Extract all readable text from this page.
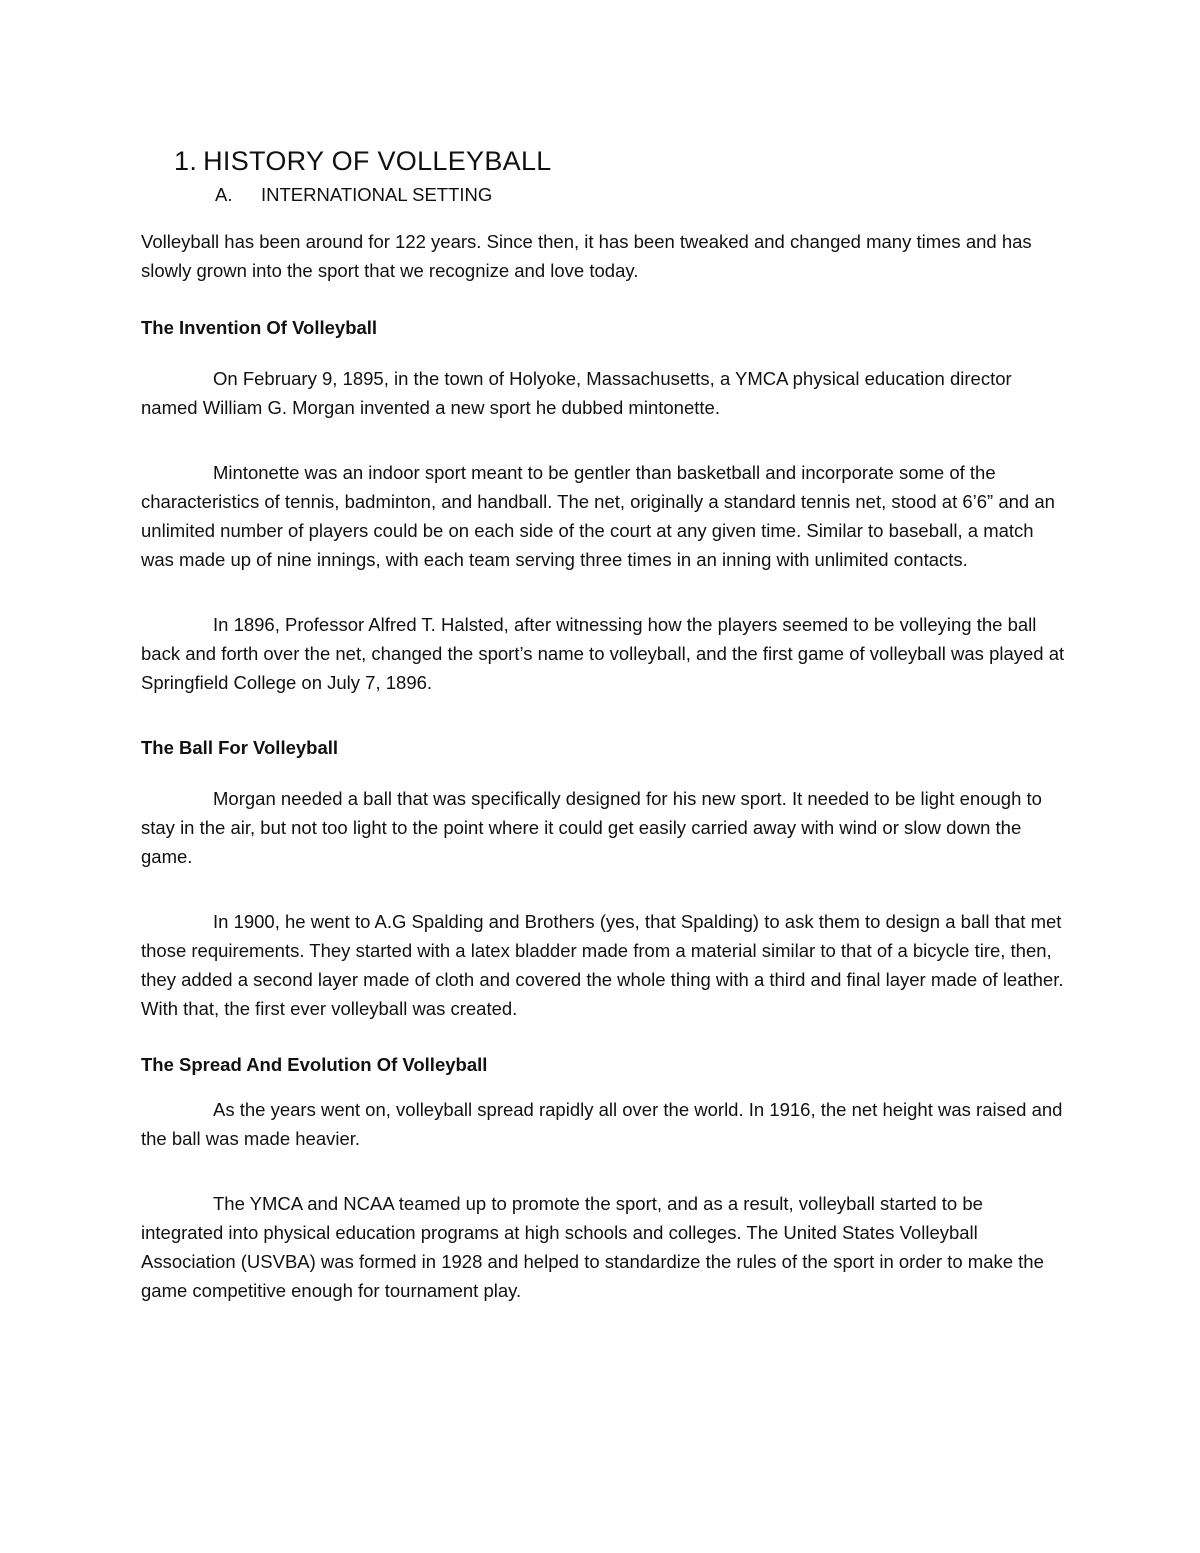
1. HISTORY OF VOLLEYBALL
A. INTERNATIONAL SETTING

Volleyball has been around for 122 years. Since then, it has been tweaked and changed many times and has slowly grown into the sport that we recognize and love today.

The Invention Of Volleyball

On February 9, 1895, in the town of Holyoke, Massachusetts, a YMCA physical education director named William G. Morgan invented a new sport he dubbed mintonette.

Mintonette was an indoor sport meant to be gentler than basketball and incorporate some of the characteristics of tennis, badminton, and handball. The net, originally a standard tennis net, stood at 6’6” and an unlimited number of players could be on each side of the court at any given time. Similar to baseball, a match was made up of nine innings, with each team serving three times in an inning with unlimited contacts.

In 1896, Professor Alfred T. Halsted, after witnessing how the players seemed to be volleying the ball back and forth over the net, changed the sport’s name to volleyball, and the first game of volleyball was played at Springfield College on July 7, 1896.

The Ball For Volleyball

Morgan needed a ball that was specifically designed for his new sport. It needed to be light enough to stay in the air, but not too light to the point where it could get easily carried away with wind or slow down the game.

In 1900, he went to A.G Spalding and Brothers (yes, that Spalding) to ask them to design a ball that met those requirements. They started with a latex bladder made from a material similar to that of a bicycle tire, then, they added a second layer made of cloth and covered the whole thing with a third and final layer made of leather. With that, the first ever volleyball was created.

The Spread And Evolution Of Volleyball

As the years went on, volleyball spread rapidly all over the world. In 1916, the net height was raised and the ball was made heavier.

The YMCA and NCAA teamed up to promote the sport, and as a result, volleyball started to be integrated into physical education programs at high schools and colleges. The United States Volleyball Association (USVBA) was formed in 1928 and helped to standardize the rules of the sport in order to make the game competitive enough for tournament play.
